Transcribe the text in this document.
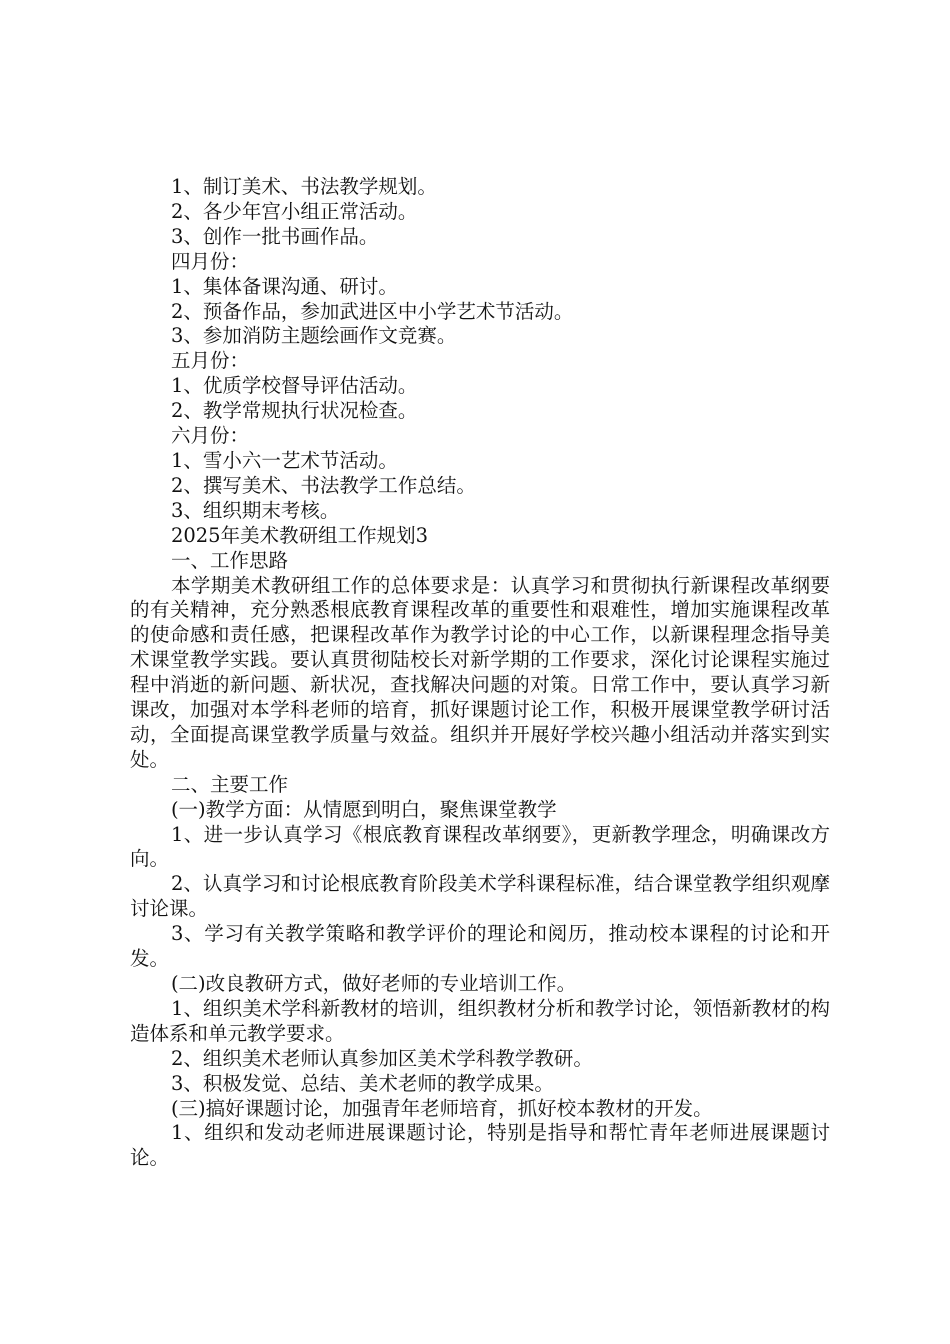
1、制订美术、书法教学规划。

2、各少年宫小组正常活动。

3、创作一批书画作品。

四月份：

1、集体备课沟通、研讨。

2、预备作品，参加武进区中小学艺术节活动。

3、参加消防主题绘画作文竞赛。

五月份：

1、优质学校督导评估活动。

2、教学常规执行状况检查。

六月份：

1、雪小六一艺术节活动。

2、撰写美术、书法教学工作总结。

3、组织期末考核。

2025年美术教研组工作规划3

一、工作思路

本学期美术教研组工作的总体要求是：认真学习和贯彻执行新课程改革纲要的有关精神，充分熟悉根底教育课程改革的重要性和艰难性，增加实施课程改革的使命感和责任感，把课程改革作为教学讨论的中心工作，以新课程理念指导美术课堂教学实践。要认真贯彻陆校长对新学期的工作要求，深化讨论课程实施过程中消逝的新问题、新状况，查找解决问题的对策。日常工作中，要认真学习新课改，加强对本学科老师的培育，抓好课题讨论工作，积极开展课堂教学研讨活动，全面提高课堂教学质量与效益。组织并开展好学校兴趣小组活动并落实到实处。

二、主要工作

(一)教学方面：从情愿到明白，聚焦课堂教学

1、进一步认真学习《根底教育课程改革纲要》，更新教学理念，明确课改方向。

2、认真学习和讨论根底教育阶段美术学科课程标准，结合课堂教学组织观摩讨论课。

3、学习有关教学策略和教学评价的理论和阅历，推动校本课程的讨论和开发。

(二)改良教研方式，做好老师的专业培训工作。

1、组织美术学科新教材的培训，组织教材分析和教学讨论，领悟新教材的构造体系和单元教学要求。

2、组织美术老师认真参加区美术学科教学教研。

3、积极发觉、总结、美术老师的教学成果。

(三)搞好课题讨论，加强青年老师培育，抓好校本教材的开发。

1、组织和发动老师进展课题讨论，特别是指导和帮忙青年老师进展课题讨论。
